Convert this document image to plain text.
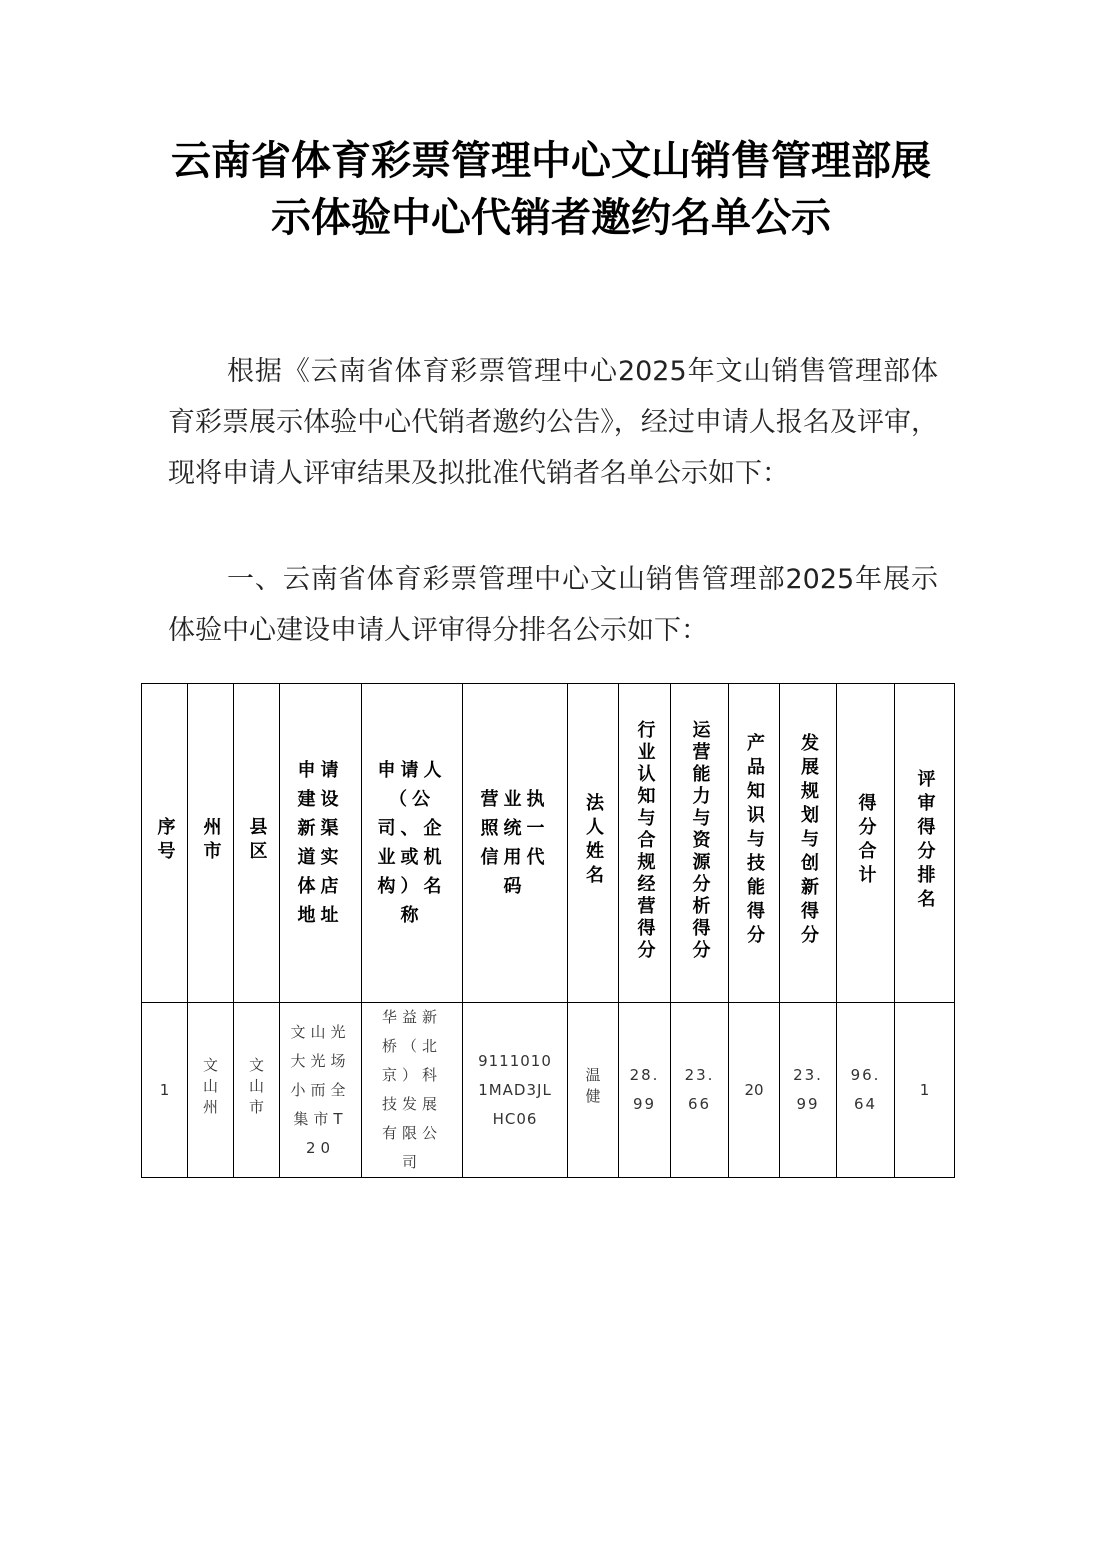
云南省体育彩票管理中心文山销售管理部展示体验中心代销者邀约名单公示
根据《云南省体育彩票管理中心2025年文山销售管理部体育彩票展示体验中心代销者邀约公告》，经过申请人报名及评审，现将申请人评审结果及拟批准代销者名单公示如下：
一、云南省体育彩票管理中心文山销售管理部2025年展示体验中心建设申请人评审得分排名公示如下：
序号	州市	县区	申请建设新渠道实体店地址	申请人（公司、企业或机构）名称	营业执照统一信用代码	法人姓名	行业认知与合规经营得分	运营能力与资源分析得分	产品知识与技能得分	发展规划与创新得分	得分合计	评审得分排名
1	文山州	文山市	文山光大光场小而全集市T20	华益新桥（北京）科技发展有限公司	91110101MAD3JLHC06	温健	28.99	23.66	20	23.99	96.64	1
